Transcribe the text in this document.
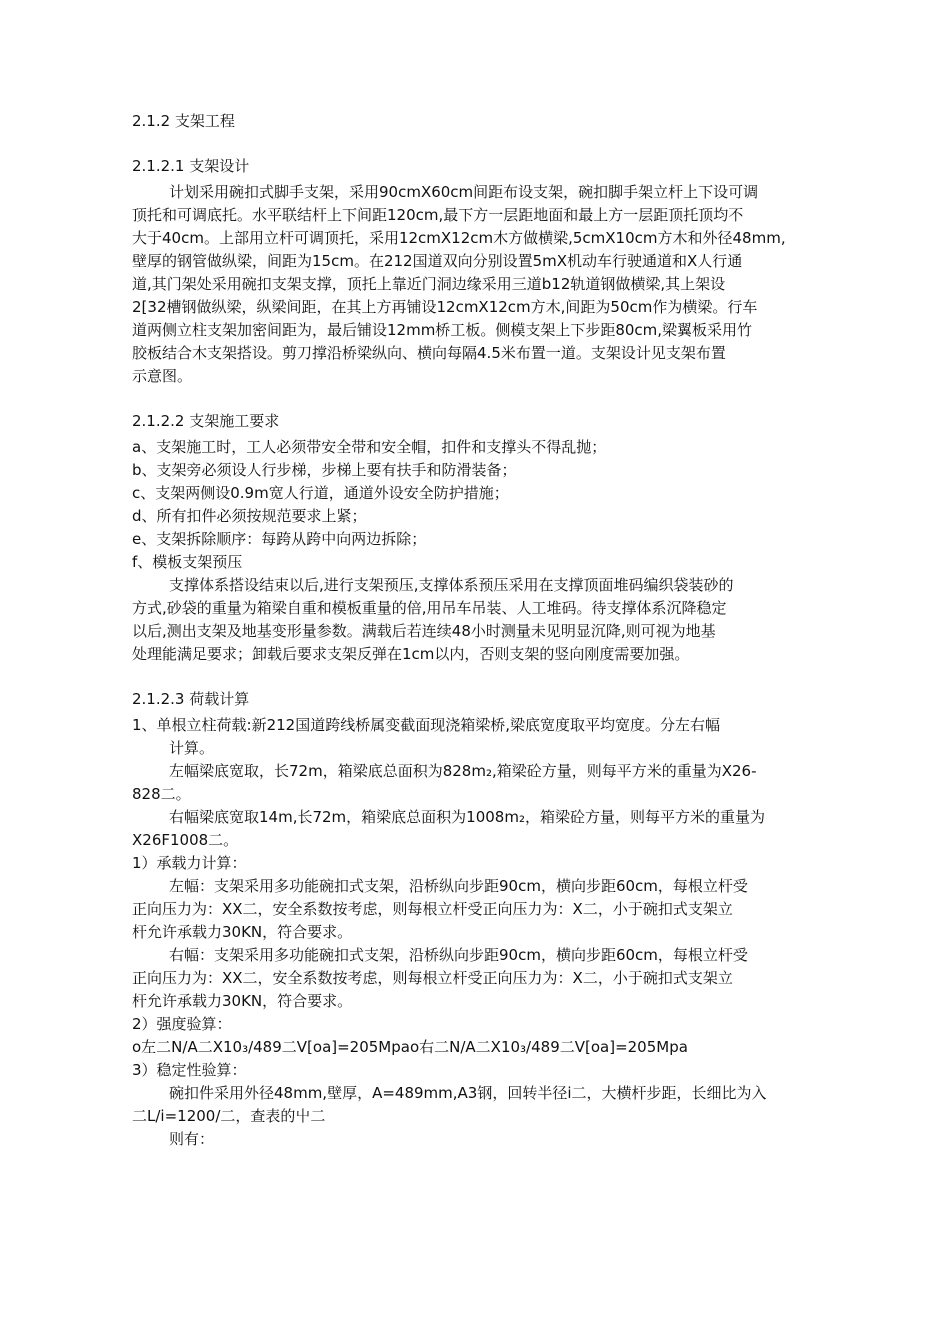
2.1.2 支架工程
2.1.2.1 支架设计
计划采用碗扣式脚手支架，采用90cmX60cm间距布设支架，碗扣脚手架立杆上下设可调
顶托和可调底托。水平联结杆上下间距120cm,最下方一层距地面和最上方一层距顶托顶均不
大于40cm。上部用立杆可调顶托，采用12cmX12cm木方做横梁,5cmX10cm方木和外径48mm,
壁厚的钢管做纵梁，间距为15cm。在212国道双向分别设置5mX机动车行驶通道和X人行通
道,其门架处采用碗扣支架支撑，顶托上靠近门洞边缘采用三道b12轨道钢做横梁,其上架设
2[32槽钢做纵梁，纵梁间距，在其上方再铺设12cmX12cm方木,间距为50cm作为横梁。行车
道两侧立柱支架加密间距为，最后铺设12mm桥工板。侧模支架上下步距80cm,梁翼板采用竹
胶板结合木支架搭设。剪刀撑沿桥梁纵向、横向每隔4.5米布置一道。支架设计见支架布置
示意图。
2.1.2.2 支架施工要求
a、支架施工时，工人必须带安全带和安全帽，扣件和支撑头不得乱抛；
b、支架旁必须设人行步梯，步梯上要有扶手和防滑装备；
c、支架两侧设0.9m宽人行道，通道外设安全防护措施；
d、所有扣件必须按规范要求上紧；
e、支架拆除顺序：每跨从跨中向两边拆除；
f、模板支架预压
支撑体系搭设结束以后,进行支架预压,支撑体系预压采用在支撑顶面堆码编织袋装砂的
方式,砂袋的重量为箱梁自重和模板重量的倍,用吊车吊装、人工堆码。待支撑体系沉降稳定
以后,测出支架及地基变形量参数。满载后若连续48小时测量未见明显沉降,则可视为地基
处理能满足要求；卸载后要求支架反弹在1cm以内，否则支架的竖向刚度需要加强。
2.1.2.3 荷载计算
1、单根立柱荷载:新212国道跨线桥属变截面现浇箱梁桥,梁底宽度取平均宽度。分左右幅
计算。
左幅梁底宽取，长72m，箱梁底总面积为828m₂,箱梁砼方量，则每平方米的重量为X26-
828二。
右幅梁底宽取14m,长72m，箱梁底总面积为1008m₂，箱梁砼方量，则每平方米的重量为
X26F1008二。
1）承载力计算：
左幅：支架采用多功能碗扣式支架，沿桥纵向步距90cm，横向步距60cm，每根立杆受
正向压力为：XX二，安全系数按考虑，则每根立杆受正向压力为：X二，小于碗扣式支架立
杆允许承载力30KN，符合要求。
右幅：支架采用多功能碗扣式支架，沿桥纵向步距90cm，横向步距60cm，每根立杆受
正向压力为：XX二，安全系数按考虑，则每根立杆受正向压力为：X二，小于碗扣式支架立
杆允许承载力30KN，符合要求。
2）强度验算：
o左二N/A二X10₃/489二V[oa]=205Mpao右二N/A二X10₃/489二V[oa]=205Mpa
3）稳定性验算：
碗扣件采用外径48mm,壁厚，A=489mm,A3钢，回转半径i二，大横杆步距，长细比为入
二L/i=1200/二，查表的屮二
则有：
